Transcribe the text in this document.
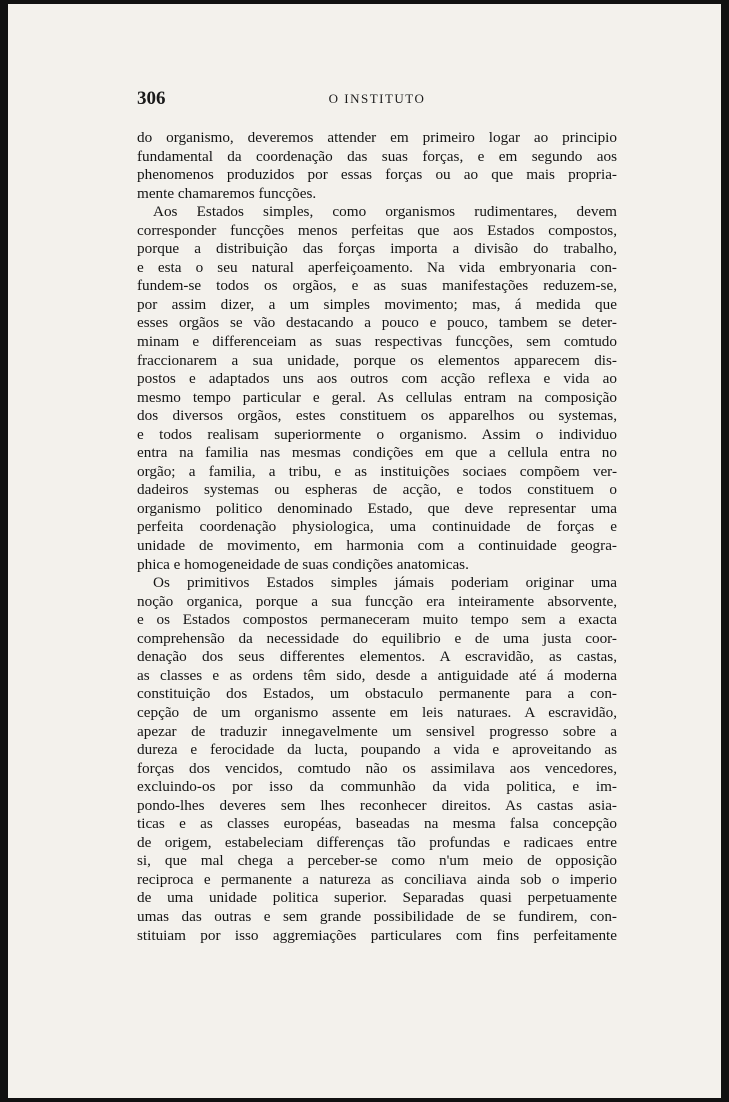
306	O INSTITUTO
do organismo, deveremos attender em primeiro logar ao principio
fundamental da coordenação das suas forças, e em segundo aos
phenomenos produzidos por essas forças ou ao que mais propria-
mente chamaremos funcções.
Aos Estados simples, como organismos rudimentares, devem
corresponder funcções menos perfeitas que aos Estados compostos,
porque a distribuição das forças importa a divisão do trabalho,
e esta o seu natural aperfeiçoamento. Na vida embryonaria con-
fundem-se todos os orgãos, e as suas manifestações reduzem-se,
por assim dizer, a um simples movimento; mas, á medida que
esses orgãos se vão destacando a pouco e pouco, tambem se deter-
minam e differenceiam as suas respectivas funcções, sem comtudo
fraccionarem a sua unidade, porque os elementos apparecem dis-
postos e adaptados uns aos outros com acção reflexa e vida ao
mesmo tempo particular e geral. As cellulas entram na composição
dos diversos orgãos, estes constituem os apparelhos ou systemas,
e todos realisam superiormente o organismo. Assim o individuo
entra na familia nas mesmas condições em que a cellula entra no
orgão; a familia, a tribu, e as instituições sociaes compõem ver-
dadeiros systemas ou espheras de acção, e todos constituem o
organismo politico denominado Estado, que deve representar uma
perfeita coordenação physiologica, uma continuidade de forças e
unidade de movimento, em harmonia com a continuidade geogra-
phica e homogeneidade de suas condições anatomicas.
Os primitivos Estados simples jámais poderiam originar uma
noção organica, porque a sua funcção era inteiramente absorvente,
e os Estados compostos permaneceram muito tempo sem a exacta
comprehensão da necessidade do equilibrio e de uma justa coor-
denação dos seus differentes elementos. A escravidão, as castas,
as classes e as ordens têm sido, desde a antiguidade até á moderna
constituição dos Estados, um obstaculo permanente para a con-
cepção de um organismo assente em leis naturaes. A escravidão,
apezar de traduzir innegavelmente um sensivel progresso sobre a
dureza e ferocidade da lucta, poupando a vida e aproveitando as
forças dos vencidos, comtudo não os assimilava aos vencedores,
excluindo-os por isso da communhão da vida politica, e im-
pondo-lhes deveres sem lhes reconhecer direitos. As castas asia-
ticas e as classes européas, baseadas na mesma falsa concepção
de origem, estabeleciam differenças tão profundas e radicaes entre
si, que mal chega a perceber-se como n'um meio de opposição
reciproca e permanente a natureza as conciliava ainda sob o imperio
de uma unidade politica superior. Separadas quasi perpetuamente
umas das outras e sem grande possibilidade de se fundirem, con-
stituiam por isso aggremiações particulares com fins perfeitamente
